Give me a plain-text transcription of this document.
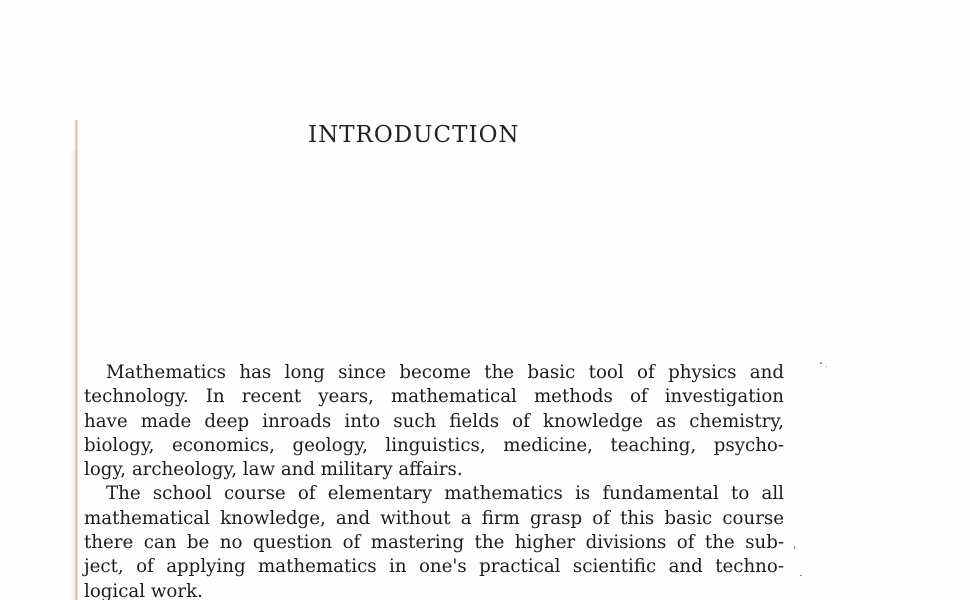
INTRODUCTION
Mathematics has long since become the basic tool of physics and
technology. In recent years, mathematical methods of investigation
have made deep inroads into such fields of knowledge as chemistry,
biology, economics, geology, linguistics, medicine, teaching, psycho-
logy, archeology, law and military affairs.
The school course of elementary mathematics is fundamental to all
mathematical knowledge, and without a firm grasp of this basic course
there can be no question of mastering the higher divisions of the sub-
ject, of applying mathematics in one's practical scientific and techno-
logical work.
